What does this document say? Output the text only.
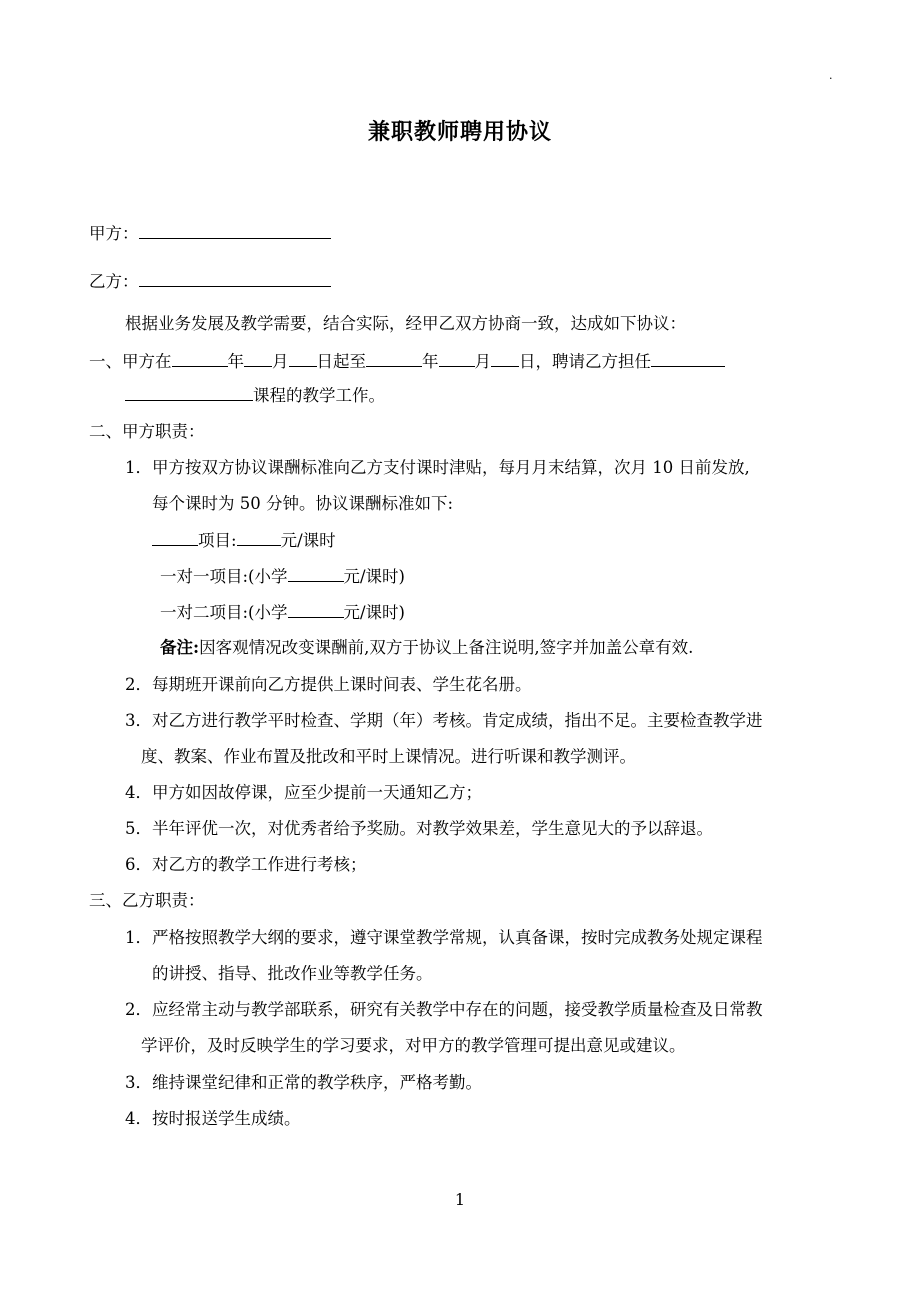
.
兼职教师聘用协议
甲方：
乙方：
根据业务发展及教学需要，结合实际，经甲乙双方协商一致，达成如下协议：
一、甲方在	年 月 日起至	年 月 日，聘请乙方担任
课程的教学工作。
二、甲方职责：
1．甲方按双方协议课酬标准向乙方支付课时津贴，每月月末结算，次月 10 日前发放,
每个课时为 50 分钟。协议课酬标准如下:
项目:	元/课时
一对一项目:(小学	元/课时)
一对二项目:(小学	元/课时)
备注:因客观情况改变课酬前,双方于协议上备注说明,签字并加盖公章有效.
2．每期班开课前向乙方提供上课时间表、学生花名册。
3．对乙方进行教学平时检查、学期（年）考核。肯定成绩，指出不足。主要检查教学进
度、教案、作业布置及批改和平时上课情况。进行听课和教学测评。
4．甲方如因故停课，应至少提前一天通知乙方；
5．半年评优一次，对优秀者给予奖励。对教学效果差，学生意见大的予以辞退。
6．对乙方的教学工作进行考核；
三、乙方职责：
1．严格按照教学大纲的要求，遵守课堂教学常规，认真备课，按时完成教务处规定课程
的讲授、指导、批改作业等教学任务。
2．应经常主动与教学部联系，研究有关教学中存在的问题，接受教学质量检查及日常教
学评价，及时反映学生的学习要求，对甲方的教学管理可提出意见或建议。
3．维持课堂纪律和正常的教学秩序，严格考勤。
4．按时报送学生成绩。
1
